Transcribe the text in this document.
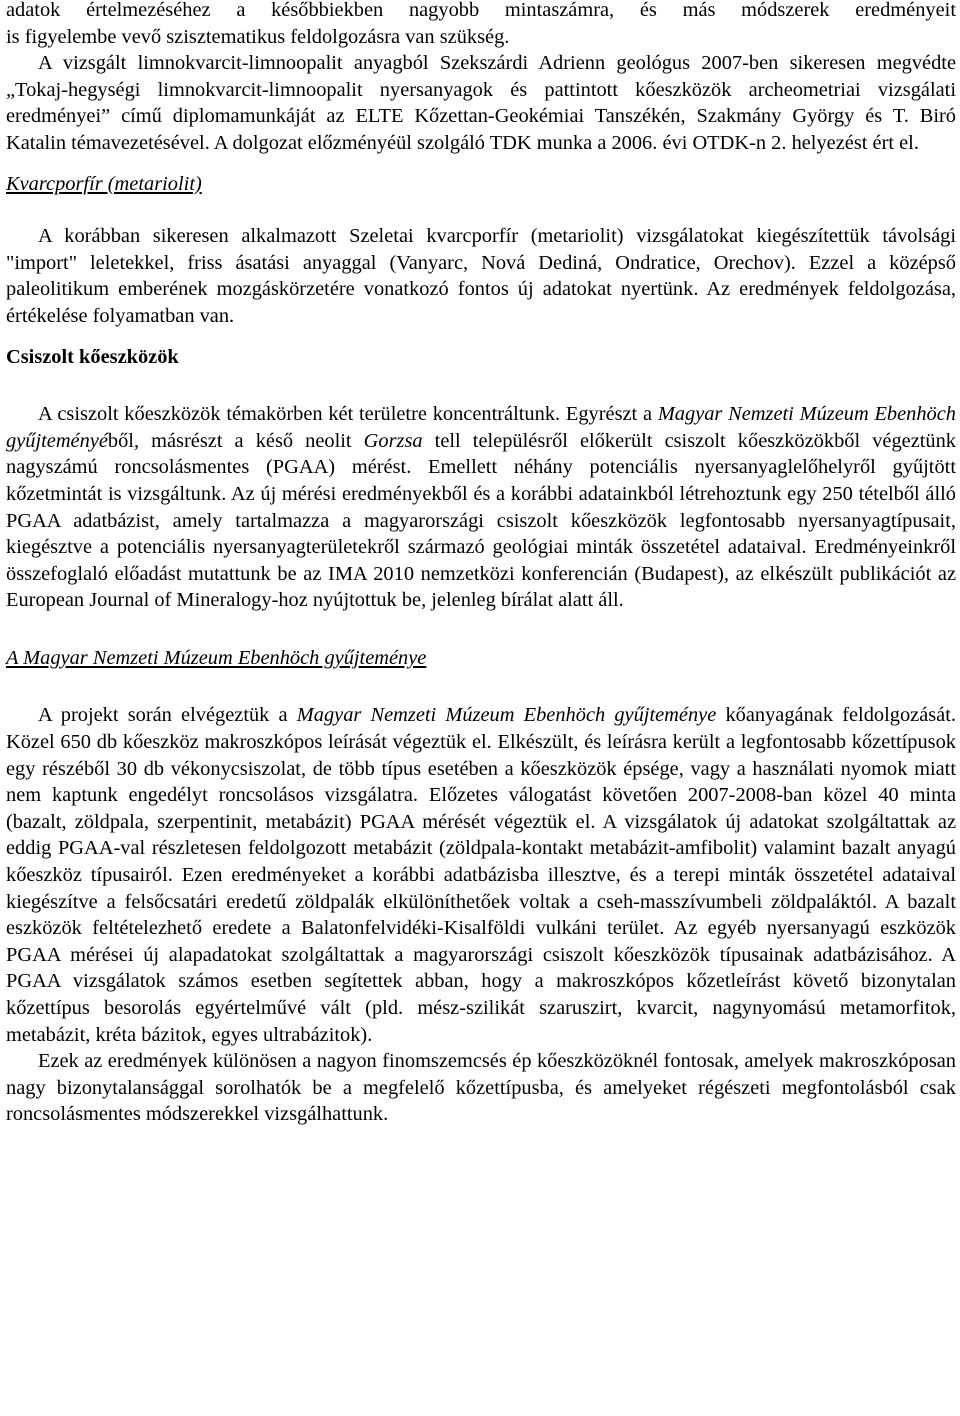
adatok értelmezéséhez a későbbiekben nagyobb mintaszámra, és más módszerek eredményeit

is figyelembe vevő szisztematikus feldolgozásra van szükség.

A vizsgált limnokvarcit-limnoopalit anyagból Szekszárdi Adrienn geológus 2007-ben sikeresen megvédte „Tokaj-hegységi limnokvarcit-limnoopalit nyersanyagok és pattintott kőeszközök archeometriai vizsgálati eredményei” című diplomamunkáját az ELTE Kőzettan-Geokémiai Tanszékén, Szakmány György és T. Biró Katalin témavezetésével. A dolgozat előzményéül szolgáló TDK munka a 2006. évi OTDK-n 2. helyezést ért el.

Kvarcporfír (metariolit)

A korábban sikeresen alkalmazott Szeletai kvarcporfír (metariolit) vizsgálatokat kiegészítettük távolsági "import" leletekkel, friss ásatási anyaggal (Vanyarc, Nová Dediná, Ondratice, Orechov). Ezzel a középső paleolitikum emberének mozgáskörzetére vonatkozó fontos új adatokat nyertünk. Az eredmények feldolgozása, értékelése folyamatban van.

Csiszolt kőeszközök

A csiszolt kőeszközök témakörben két területre koncentráltunk. Egyrészt a Magyar Nemzeti Múzeum Ebenhöch gyűjteményéből, másrészt a késő neolit Gorzsa tell településről előkerült csiszolt kőeszközökből végeztünk nagyszámú roncsolásmentes (PGAA) mérést. Emellett néhány potenciális nyersanyaglelőhelyről gyűjtött kőzetmintát is vizsgáltunk. Az új mérési eredményekből és a korábbi adatainkból létrehoztunk egy 250 tételből álló PGAA adatbázist, amely tartalmazza a magyarországi csiszolt kőeszközök legfontosabb nyersanyagtípusait, kiegésztve a potenciális nyersanyagterületekről származó geológiai minták összetétel adataival. Eredményeinkről összefoglaló előadást mutattunk be az IMA 2010 nemzetközi konferencián (Budapest), az elkészült publikációt az European Journal of Mineralogy-hoz nyújtottuk be, jelenleg bírálat alatt áll.

A Magyar Nemzeti Múzeum Ebenhöch gyűjteménye

A projekt során elvégeztük a Magyar Nemzeti Múzeum Ebenhöch gyűjteménye kőanyagának feldolgozását. Közel 650 db kőeszköz makroszkópos leírását végeztük el. Elkészült, és leírásra került a legfontosabb kőzettípusok egy részéből 30 db vékonycsiszolat, de több típus esetében a kőeszközök épsége, vagy a használati nyomok miatt nem kaptunk engedélyt roncsolásos vizsgálatra. Előzetes válogatást követően 2007-2008-ban közel 40 minta (bazalt, zöldpala, szerpentinit, metabázit) PGAA mérését végeztük el. A vizsgálatok új adatokat szolgáltattak az eddig PGAA-val részletesen feldolgozott metabázit (zöldpala-kontakt metabázit-amfibolit) valamint bazalt anyagú kőeszköz típusairól. Ezen eredményeket a korábbi adatbázisba illesztve, és a terepi minták összetétel adataival kiegészítve a felsőcsatári eredetű zöldpalák elkülöníthetőek voltak a cseh-masszívumbeli zöldpaláktól. A bazalt eszközök feltételezhető eredete a Balatonfelvidéki-Kisalföldi vulkáni terület. Az egyéb nyersanyagú eszközök PGAA mérései új alapadatokat szolgáltattak a magyarországi csiszolt kőeszközök típusainak adatbázisához. A PGAA vizsgálatok számos esetben segítettek abban, hogy a makroszkópos kőzetleírást követő bizonytalan kőzettípus besorolás egyértelművé vált (pld. mész-szilikát szaruszirt, kvarcit, nagynyomású metamorfitok, metabázit, kréta bázitok, egyes ultrabázitok).

Ezek az eredmények különösen a nagyon finomszemcsés ép kőeszközöknél fontosak, amelyek makroszkóposan nagy bizonytalansággal sorolhatók be a megfelelő kőzettípusba, és amelyeket régészeti megfontolásból csak roncsolásmentes módszerekkel vizsgálhattunk.
